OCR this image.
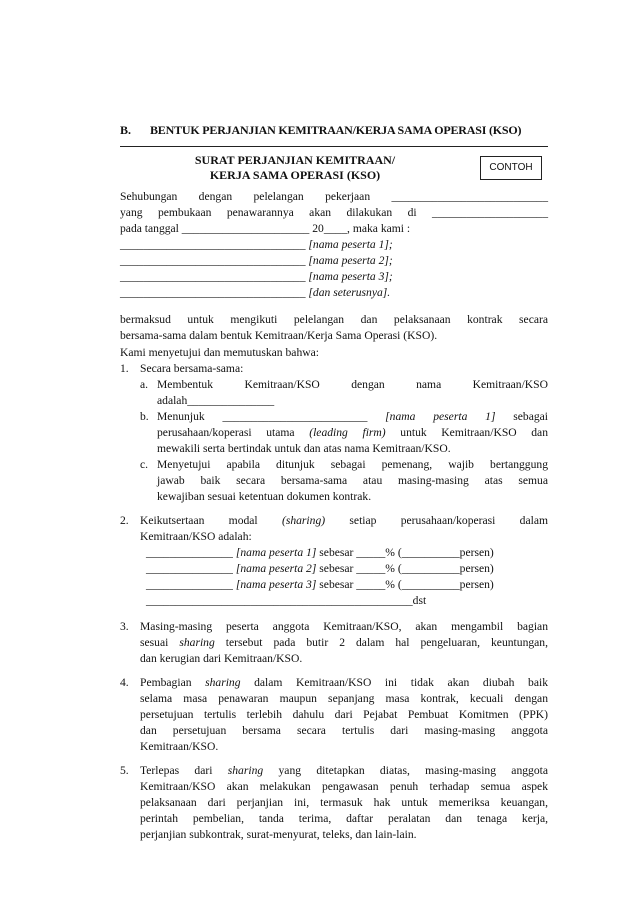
B. BENTUK PERJANJIAN KEMITRAAN/KERJA SAMA OPERASI (KSO)
SURAT PERJANJIAN KEMITRAAN/
KERJA SAMA OPERASI (KSO)
CONTOH
Sehubungan dengan pelelangan pekerjaan ___________________________
yang pembukaan penawarannya akan dilakukan di ____________________
pada tanggal ______________________ 20____, maka kami :
________________________________ [nama peserta 1];
________________________________ [nama peserta 2];
________________________________ [nama peserta 3];
________________________________ [dan seterusnya].
bermaksud untuk mengikuti pelelangan dan pelaksanaan kontrak secara
bersama-sama dalam bentuk Kemitraan/Kerja Sama Operasi (KSO).
Kami menyetujui dan memutuskan bahwa:
1. Secara bersama-sama:
a. Membentuk Kemitraan/KSO dengan nama Kemitraan/KSO
adalah_______________
b. Menunjuk _________________________ [nama peserta 1] sebagai
perusahaan/koperasi utama (leading firm) untuk Kemitraan/KSO dan
mewakili serta bertindak untuk dan atas nama Kemitraan/KSO.
c. Menyetujui apabila ditunjuk sebagai pemenang, wajib bertanggung
jawab baik secara bersama-sama atau masing-masing atas semua
kewajiban sesuai ketentuan dokumen kontrak.
2. Keikutsertaan modal (sharing) setiap perusahaan/koperasi dalam
Kemitraan/KSO adalah:
_______________ [nama peserta 1] sebesar _____% (__________persen)
_______________ [nama peserta 2] sebesar _____% (__________persen)
_______________ [nama peserta 3] sebesar _____% (__________persen)
______________________________________________dst
3. Masing-masing peserta anggota Kemitraan/KSO, akan mengambil bagian
sesuai sharing tersebut pada butir 2 dalam hal pengeluaran, keuntungan,
dan kerugian dari Kemitraan/KSO.
4. Pembagian sharing dalam Kemitraan/KSO ini tidak akan diubah baik
selama masa penawaran maupun sepanjang masa kontrak, kecuali dengan
persetujuan tertulis terlebih dahulu dari Pejabat Pembuat Komitmen (PPK)
dan persetujuan bersama secara tertulis dari masing-masing anggota
Kemitraan/KSO.
5. Terlepas dari sharing yang ditetapkan diatas, masing-masing anggota
Kemitraan/KSO akan melakukan pengawasan penuh terhadap semua aspek
pelaksanaan dari perjanjian ini, termasuk hak untuk memeriksa keuangan,
perintah pembelian, tanda terima, daftar peralatan dan tenaga kerja,
perjanjian subkontrak, surat-menyurat, teleks, dan lain-lain.
